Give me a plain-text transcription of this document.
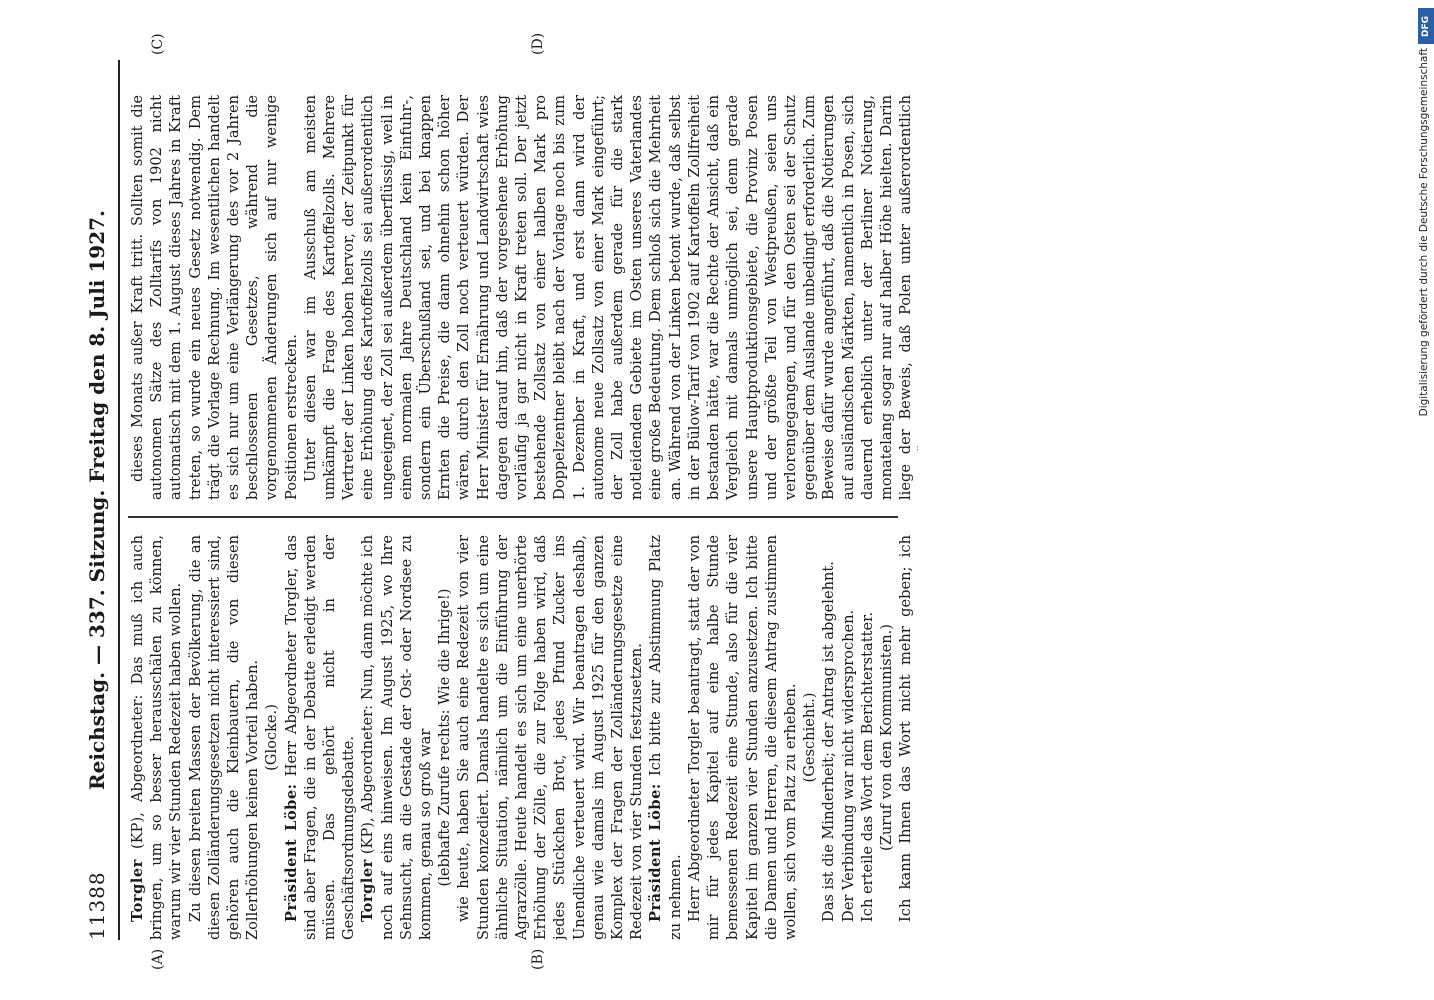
11388
Reichstag. — 337. Sitzung. Freitag den 8. Juli 1927.
(A)	(B)
(C)	(D)

Torgler (KP), Abgeordneter: Das muß ich auch bringen, um so besser herausschälen zu können, warum wir vier Stunden Redezeit haben wollen. Zu diesen breiten Massen der Bevölkerung, die an diesen Zolländerungsgesetzen nicht interessiert sind, gehören auch die Kleinbauern, die von diesen Zollerhöhungen keinen Vorteil haben. (Glocke.)

Präsident Löbe: Herr Abgeordneter Torgler, das sind aber Fragen, die in der Debatte erledigt werden müssen. Das gehört nicht in der Geschäftsordnungsdebatte. Torgler (KP), Abgeordneter: Nun, dann möchte ich noch auf eins hinweisen. Im August 1925, wo Ihre Sehnsucht, an die Gestade der Ost- oder Nordsee zu kommen, genau so groß war (lebhafte Zurufe rechts: Wie die Ihrige!) wie heute, haben Sie auch eine Redezeit von vier Stunden konzediert. Damals handelte es sich um eine ähnliche Situation, nämlich um die Einführung der Agrarzölle. Heute handelt es sich um eine unerhörte Erhöhung der Zölle, die zur Folge haben wird, daß jedes Stückchen Brot, jedes Pfund Zucker ins Unendliche verteuert wird. Wir beantragen deshalb, genau wie damals im August 1925 für den ganzen Komplex der Fragen der Zolländerungsgesetze eine Redezeit von vier Stunden festzusetzen. Präsident Löbe: Ich bitte zur Abstimmung Platz zu nehmen. Herr Abgeordneter Torgler beantragt, statt der von mir für jedes Kapitel auf eine halbe Stunde bemessenen Redezeit eine Stunde, also für die vier Kapitel im ganzen vier Stunden anzusetzen. Ich bitte die Damen und Herren, die diesem Antrag zustimmen wollen, sich vom Platz zu erheben. (Geschieht.) Das ist die Minderheit; der Antrag ist abgelehnt. Der Verbindung war nicht widersprochen. Ich erteile das Wort dem Berichterstatter. (Zuruf von den Kommunisten.)

Ich kann Ihnen das Wort nicht mehr geben; ich

dieses Monats außer Kraft tritt. Sollten somit die autonomen Sätze des Zolltarifs von 1902 nicht automatisch mit dem 1. August dieses Jahres in Kraft treten, so wurde ein neues Gesetz notwendig. Dem trägt die Vorlage Rechnung. Im wesentlichen handelt es sich nur um eine Verlängerung des vor 2 Jahren beschlossenen Gesetzes, während die vorgenommenen Änderungen sich auf nur wenige Positionen erstrecken. Unter diesen war im Ausschuß am meisten umkämpft die Frage des Kartoffelzolls. Mehrere Vertreter der Linken hoben hervor, der Zeitpunkt für eine Erhöhung des Kartoffelzolls sei außerordentlich ungeeignet, der Zoll sei außerdem überflüssig, weil in einem normalen Jahre Deutschland kein Einfuhr-, sondern ein Überschußland sei, und bei knappen Ernten die Preise, die dann ohnehin schon höher wären, durch den Zoll noch verteuert würden. Der Herr Minister für Ernährung und Landwirtschaft wies dagegen darauf hin, daß der vorgesehene Erhöhung vorläufig ja gar nicht in Kraft treten soll. Der jetzt bestehende Zollsatz von einer halben Mark pro Doppelzentner bleibt nach der Vorlage noch bis zum 1. Dezember in Kraft, und erst dann wird der autonome neue Zollsatz von einer Mark eingeführt; der Zoll habe außerdem gerade für die stark notleidenden Gebiete im Osten unseres Vaterlandes eine große Bedeutung. Dem schloß sich die Mehrheit an. Während von der Linken betont wurde, daß selbst in der Bülow-Tarif von 1902 auf Kartoffeln Zollfreiheit bestanden hätte, war die Rechte der Ansicht, daß ein Vergleich mit damals unmöglich sei, denn gerade unsere Hauptproduktionsgebiete, die Provinz Posen und der größte Teil von Westpreußen, seien uns verlorengegangen, und für den Osten sei der Schutz gegenüber dem Auslande unbedingt erforderlich. Zum Beweise dafür wurde angeführt, daß die Notierungen auf ausländischen Märkten, namentlich in Posen, sich dauernd erheblich unter der Berliner Notierung, monatelang sogar nur auf halber Höhe hielten. Darin liege der Beweis, daß Polen unter außerordentlich

DFG
Digitalisierung gefördert durch die Deutsche Forschungsgemeinschaft
